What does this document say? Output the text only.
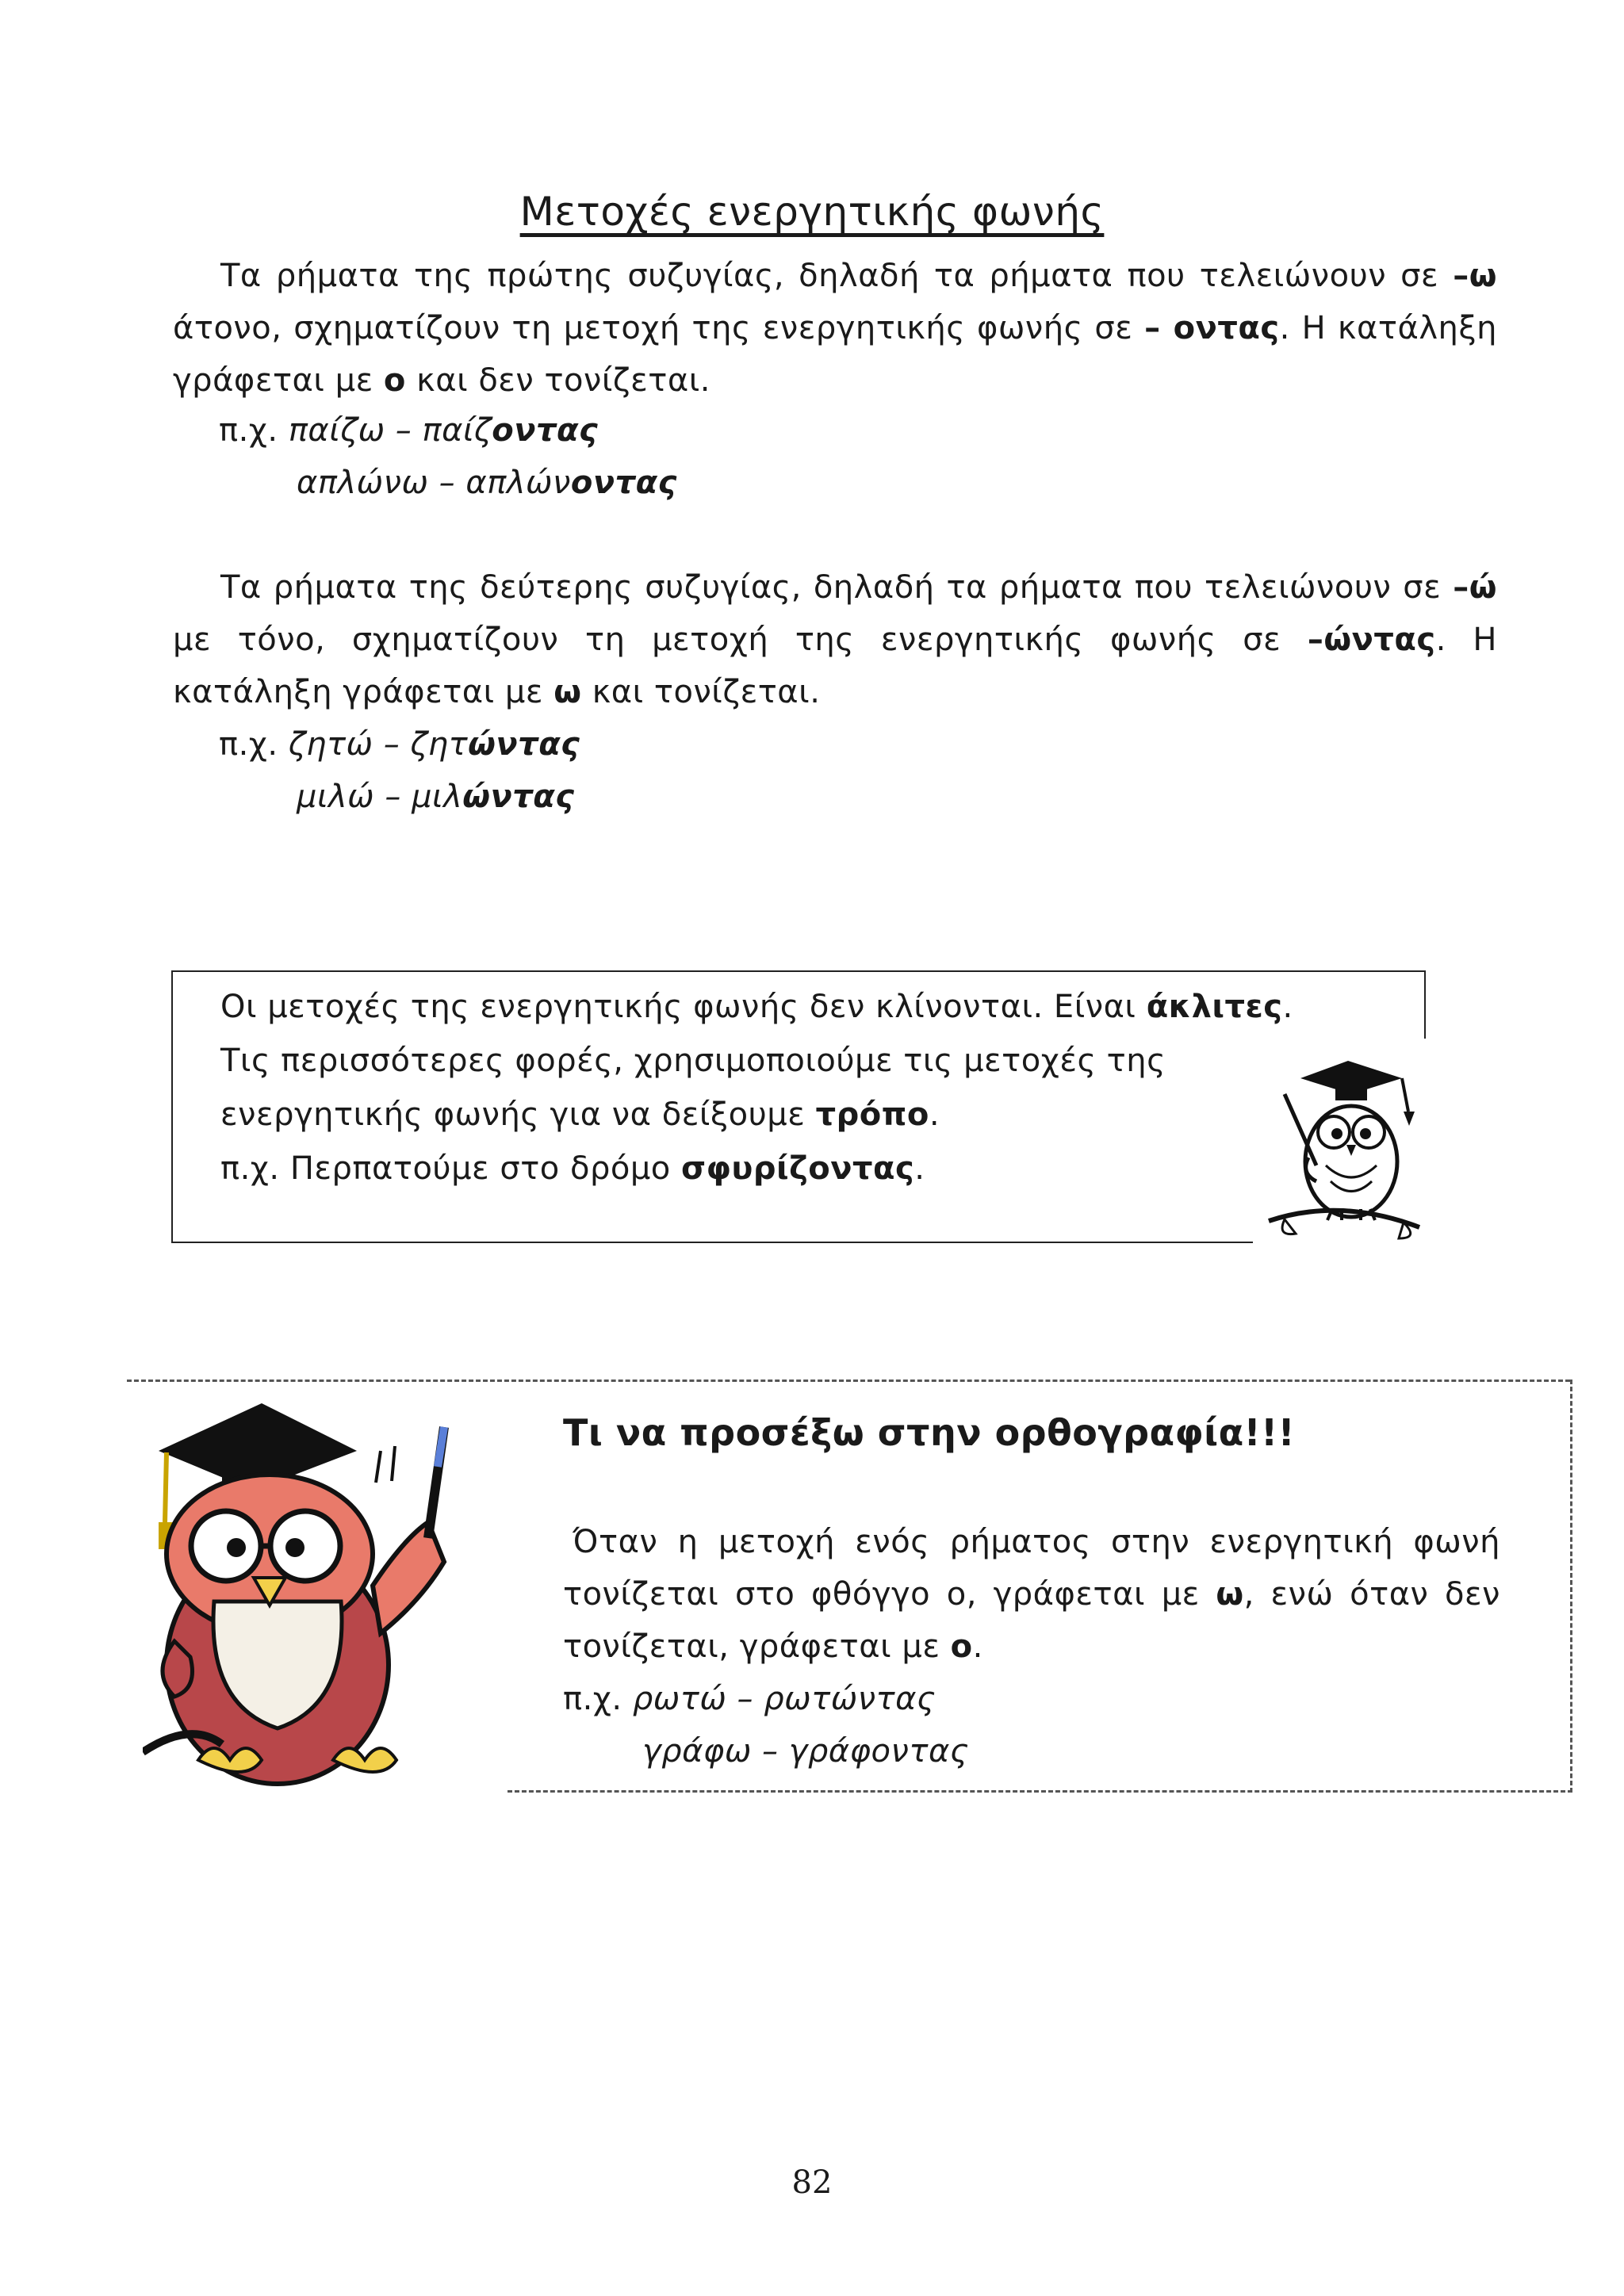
Μετοχές ενεργητικής φωνής
Τα ρήματα της πρώτης συζυγίας, δηλαδή τα ρήματα που τελειώνουν σε –ω άτονο, σχηματίζουν τη μετοχή της ενεργητικής φωνής σε – οντας. Η κατάληξη γράφεται με ο και δεν τονίζεται.
π.χ. παίζω – παίζοντας
απλώνω – απλώνοντας
Τα ρήματα της δεύτερης συζυγίας, δηλαδή τα ρήματα που τελειώνουν σε –ώ με τόνο, σχηματίζουν τη μετοχή της ενεργητικής φωνής σε –ώντας. Η κατάληξη γράφεται με ω και τονίζεται.
π.χ. ζητώ – ζητώντας
μιλώ – μιλώντας
Οι μετοχές της ενεργητικής φωνής δεν κλίνονται. Είναι άκλιτες.
Τις περισσότερες φορές, χρησιμοποιούμε τις μετοχές της
ενεργητικής φωνής για να δείξουμε τρόπο.
π.χ. Περπατούμε στο δρόμο σφυρίζοντας.
Τι να προσέξω στην ορθογραφία!!!
Όταν η μετοχή ενός ρήματος στην ενεργητική φωνή τονίζεται στο φθόγγο ο, γράφεται με ω, ενώ όταν δεν τονίζεται, γράφεται με ο.
π.χ. ρωτώ – ρωτώντας
γράφω – γράφοντας
82
